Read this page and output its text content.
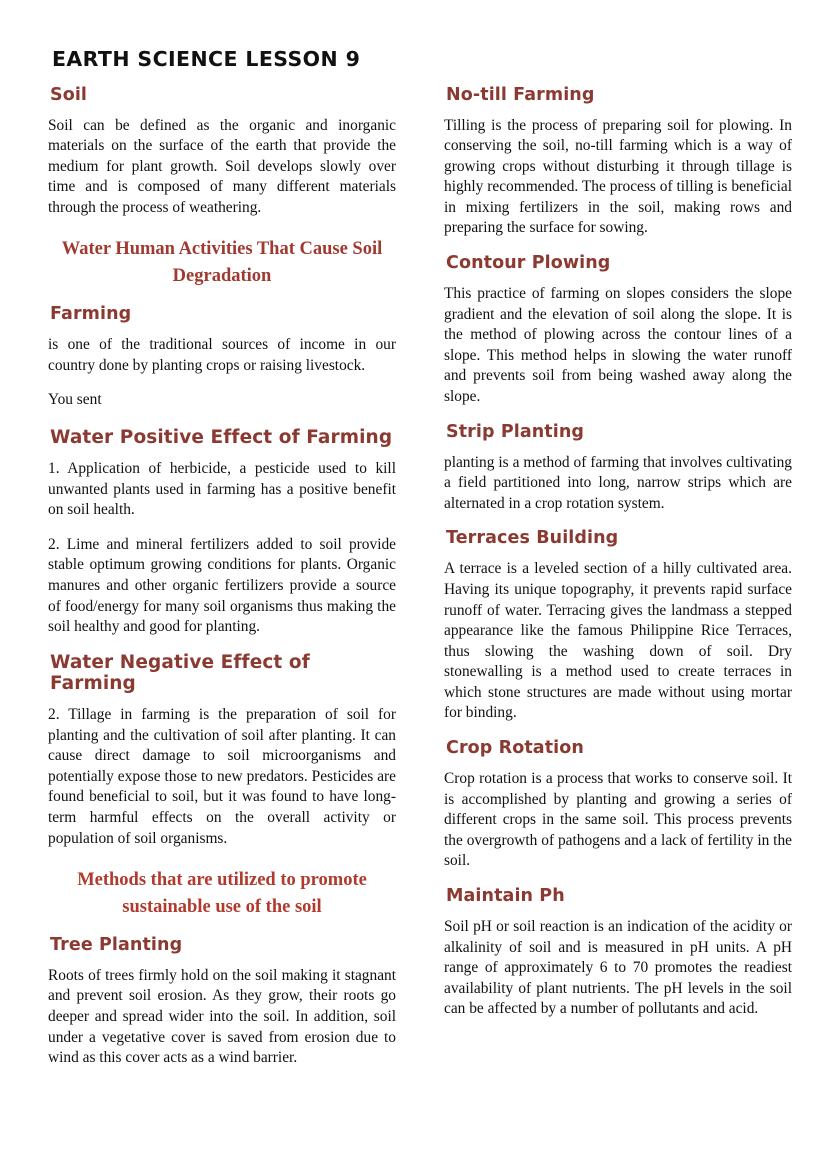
EARTH SCIENCE LESSON 9
Soil

Soil can be defined as the organic and inorganic materials on the surface of the earth that provide the medium for plant growth. Soil develops slowly over time and is composed of many different materials through the process of weathering.

Water Human Activities That Cause Soil Degradation
Farming

is one of the traditional sources of income in our country done by planting crops or raising livestock.

You sent

Water Positive Effect of Farming

1. Application of herbicide, a pesticide used to kill unwanted plants used in farming has a positive benefit on soil health.

2. Lime and mineral fertilizers added to soil provide stable optimum growing conditions for plants. Organic manures and other organic fertilizers provide a source of food/energy for many soil organisms thus making the soil healthy and good for planting.

Water Negative Effect of Farming

2. Tillage in farming is the preparation of soil for planting and the cultivation of soil after planting. It can cause direct damage to soil microorganisms and potentially expose those to new predators. Pesticides are found beneficial to soil, but it was found to have long-term harmful effects on the overall activity or population of soil organisms.

Methods that are utilized to promote sustainable use of the soil
Tree Planting

Roots of trees firmly hold on the soil making it stagnant and prevent soil erosion. As they grow, their roots go deeper and spread wider into the soil. In addition, soil under a vegetative cover is saved from erosion due to wind as this cover acts as a wind barrier.

No-till Farming

Tilling is the process of preparing soil for plowing. In conserving the soil, no-till farming which is a way of growing crops without disturbing it through tillage is highly recommended. The process of tilling is beneficial in mixing fertilizers in the soil, making rows and preparing the surface for sowing.

Contour Plowing

This practice of farming on slopes considers the slope gradient and the elevation of soil along the slope. It is the method of plowing across the contour lines of a slope. This method helps in slowing the water runoff and prevents soil from being washed away along the slope.

Strip Planting

planting is a method of farming that involves cultivating a field partitioned into long, narrow strips which are alternated in a crop rotation system.

Terraces Building

A terrace is a leveled section of a hilly cultivated area. Having its unique topography, it prevents rapid surface runoff of water. Terracing gives the landmass a stepped appearance like the famous Philippine Rice Terraces, thus slowing the washing down of soil. Dry stonewalling is a method used to create terraces in which stone structures are made without using mortar for binding.

Crop Rotation

Crop rotation is a process that works to conserve soil. It is accomplished by planting and growing a series of different crops in the same soil. This process prevents the overgrowth of pathogens and a lack of fertility in the soil.

Maintain Ph

Soil pH or soil reaction is an indication of the acidity or alkalinity of soil and is measured in pH units. A pH range of approximately 6 to 70 promotes the readiest availability of plant nutrients. The pH levels in the soil can be affected by a number of pollutants and acid.
